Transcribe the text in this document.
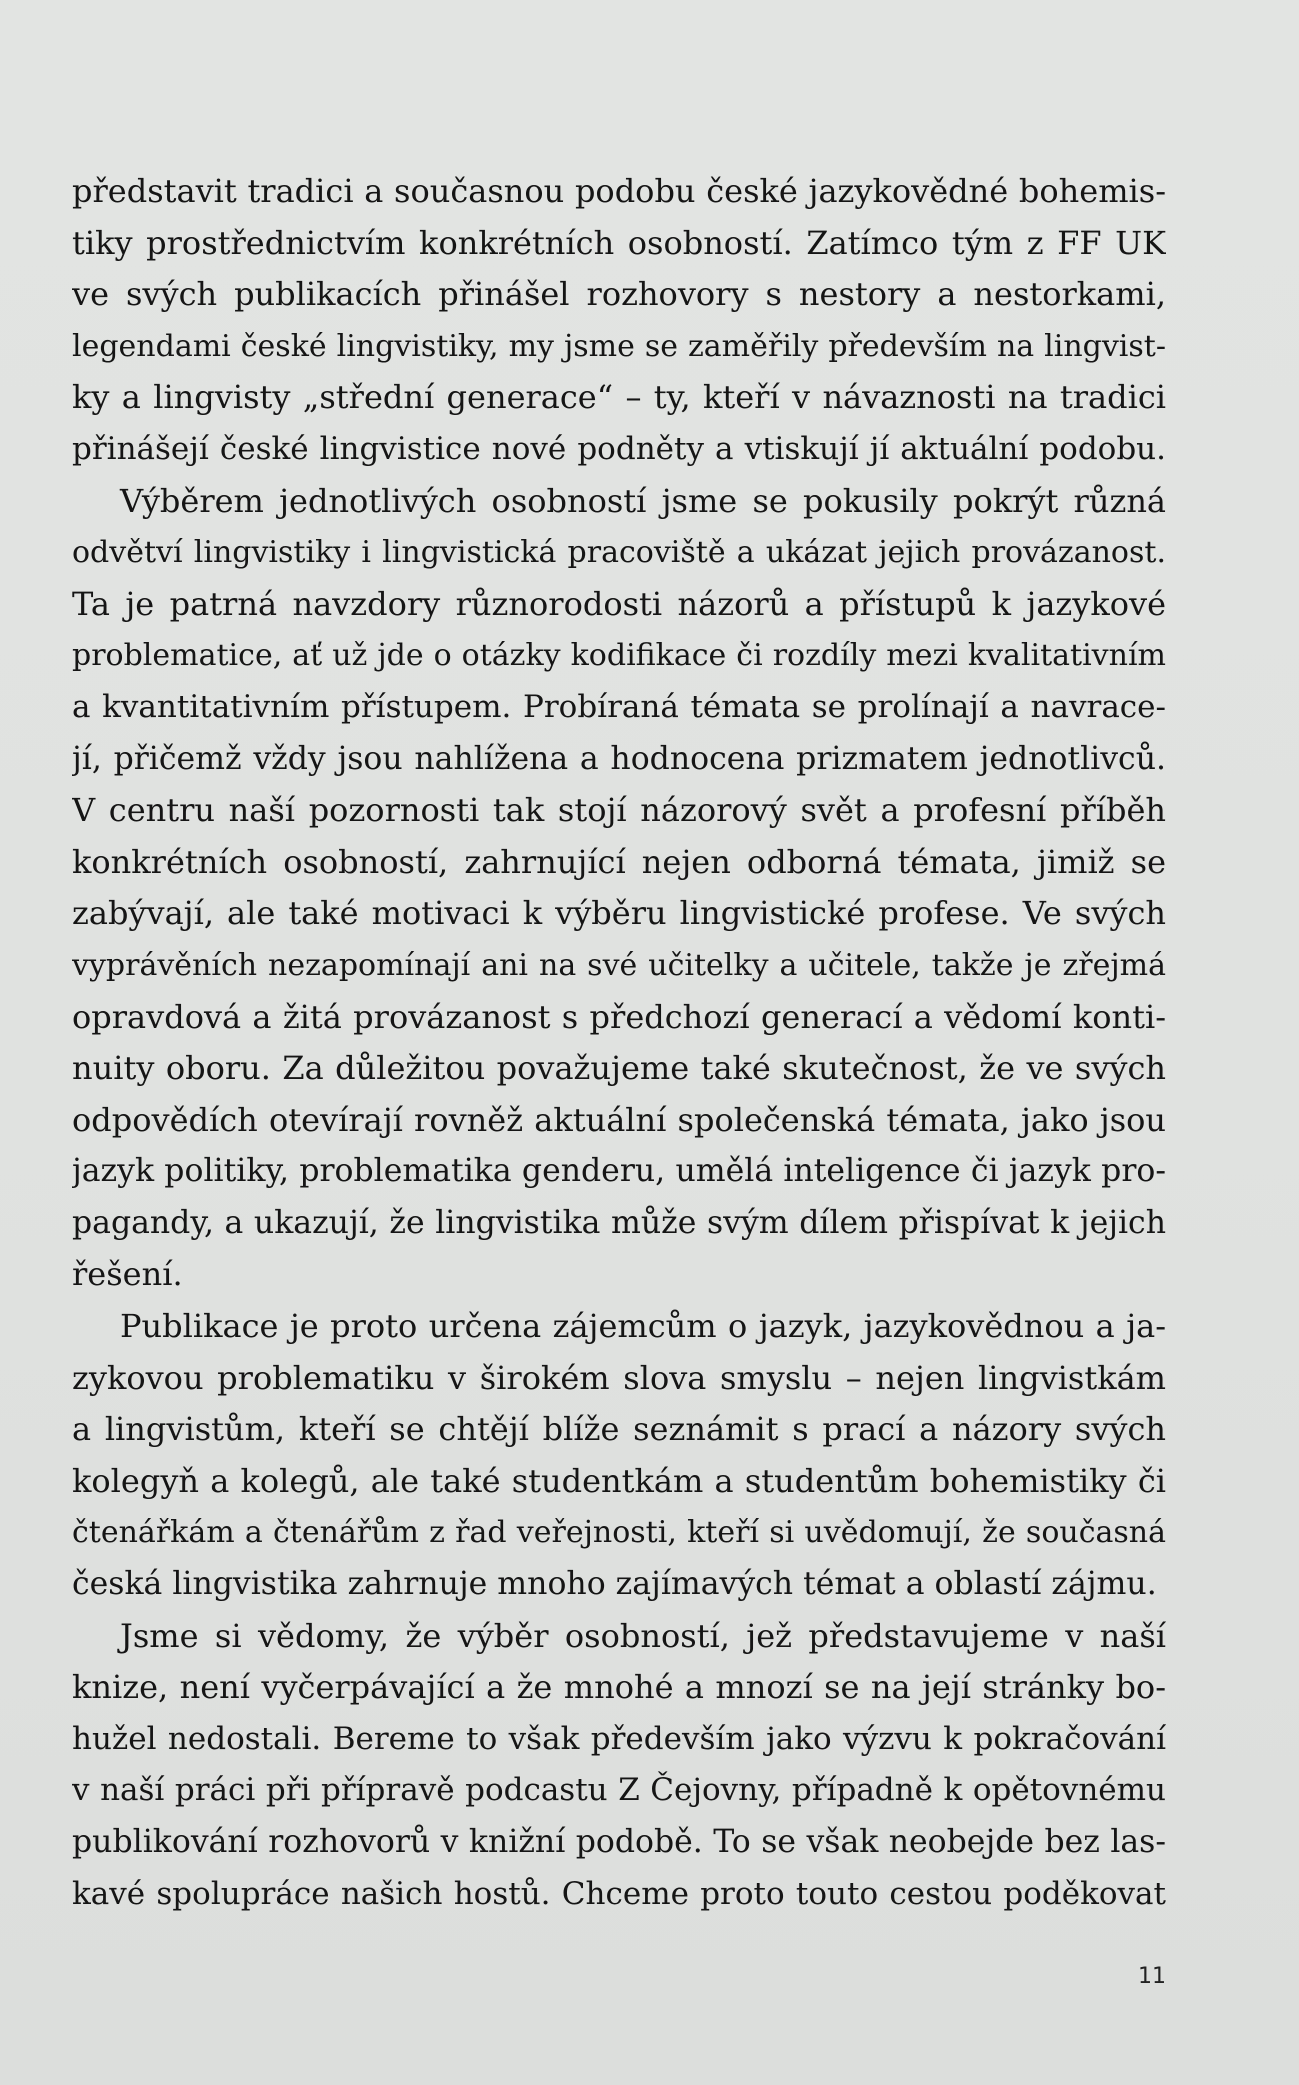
představit tradici a současnou podobu české jazykovědné bohemis-
tiky prostřednictvím konkrétních osobností. Zatímco tým z FF UK
ve svých publikacích přinášel rozhovory s nestory a nestorkami,
legendami české lingvistiky, my jsme se zaměřily především na lingvist-
ky a lingvisty „střední generace“ – ty, kteří v návaznosti na tradici
přinášejí české lingvistice nové podněty a vtiskují jí aktuální podobu.
Výběrem jednotlivých osobností jsme se pokusily pokrýt různá
odvětví lingvistiky i lingvistická pracoviště a ukázat jejich provázanost.
Ta je patrná navzdory různorodosti názorů a přístupů k jazykové
problematice, ať už jde o otázky kodifikace či rozdíly mezi kvalitativním
a kvantitativním přístupem. Probíraná témata se prolínají a navrace-
jí, přičemž vždy jsou nahlížena a hodnocena prizmatem jednotlivců.
V centru naší pozornosti tak stojí názorový svět a profesní příběh
konkrétních osobností, zahrnující nejen odborná témata, jimiž se
zabývají, ale také motivaci k výběru lingvistické profese. Ve svých
vyprávěních nezapomínají ani na své učitelky a učitele, takže je zřejmá
opravdová a žitá provázanost s předchozí generací a vědomí konti-
nuity oboru. Za důležitou považujeme také skutečnost, že ve svých
odpovědích otevírají rovněž aktuální společenská témata, jako jsou
jazyk politiky, problematika genderu, umělá inteligence či jazyk pro-
pagandy, a ukazují, že lingvistika může svým dílem přispívat k jejich
řešení.
Publikace je proto určena zájemcům o jazyk, jazykovědnou a ja-
zykovou problematiku v širokém slova smyslu – nejen lingvistkám
a lingvistům, kteří se chtějí blíže seznámit s prací a názory svých
kolegyň a kolegů, ale také studentkám a studentům bohemistiky či
čtenářkám a čtenářům z řad veřejnosti, kteří si uvědomují, že současná
česká lingvistika zahrnuje mnoho zajímavých témat a oblastí zájmu.
Jsme si vědomy, že výběr osobností, jež představujeme v naší
knize, není vyčerpávající a že mnohé a mnozí se na její stránky bo-
hužel nedostali. Bereme to však především jako výzvu k pokračování
v naší práci při přípravě podcastu Z Čejovny, případně k opětovnému
publikování rozhovorů v knižní podobě. To se však neobejde bez las-
kavé spolupráce našich hostů. Chceme proto touto cestou poděkovat
11
